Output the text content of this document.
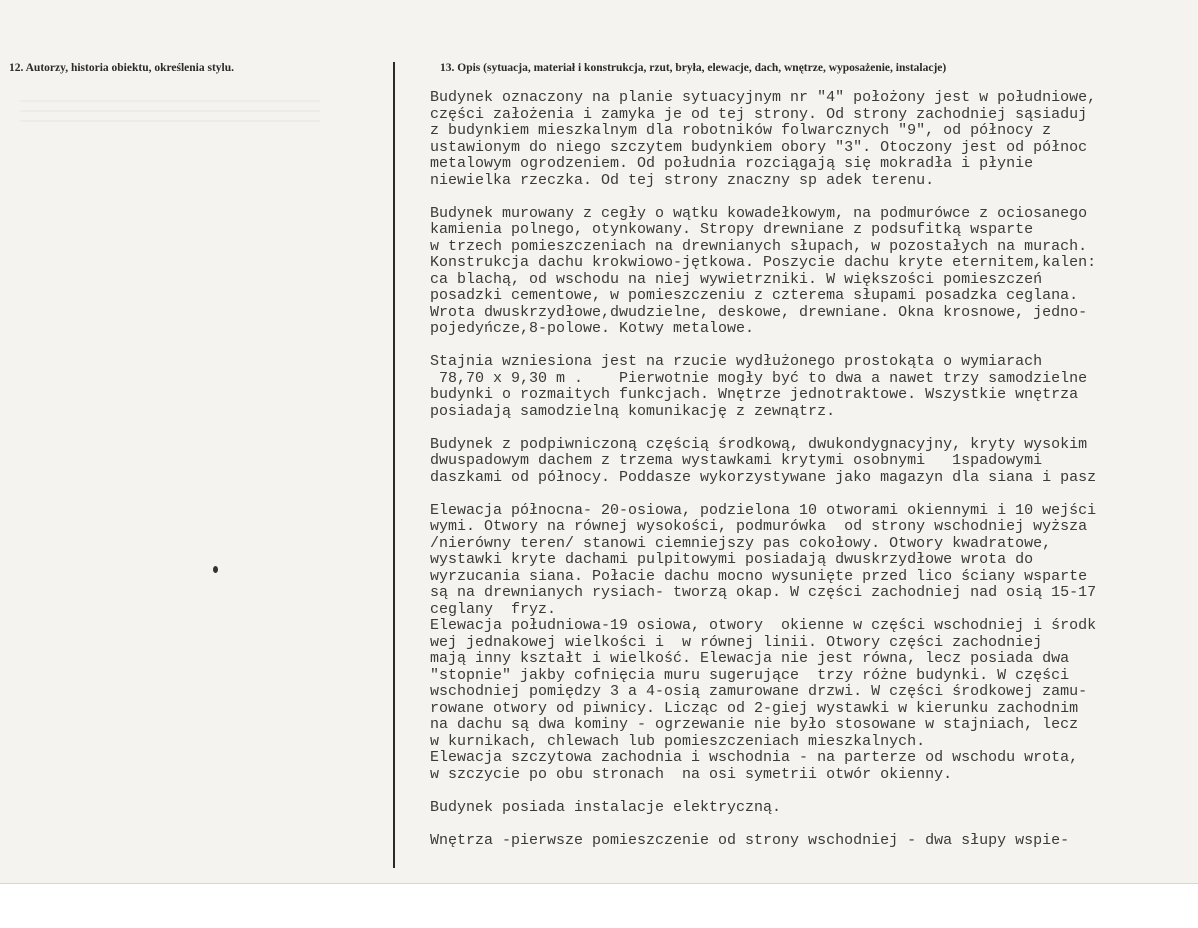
12. Autorzy, historia obiektu, określenia stylu.	13. Opis (sytuacja, materiał i konstrukcja, rzut, bryła, elewacje, dach, wnętrze, wyposażenie, instalacje)
Budynek oznaczony na planie sytuacyjnym nr "4" położony jest w południowe,
części założenia i zamyka je od tej strony. Od strony zachodniej sąsiaduj
z budynkiem mieszkalnym dla robotników folwarcznych "9", od północy z
ustawionym do niego szczytem budynkiem obory "3". Otoczony jest od północ
metalowym ogrodzeniem. Od południa rozciągają się mokradła i płynie
niewielka rzeczka. Od tej strony znaczny sp adek terenu.
Budynek murowany z cegły o wątku kowadełkowym, na podmurówce z ociosanego
kamienia polnego, otynkowany. Stropy drewniane z podsufitką wsparte
w trzech pomieszczeniach na drewnianych słupach, w pozostałych na murach.
Konstrukcja dachu krokwiowo-jętkowa. Poszycie dachu kryte eternitem,kalen:
ca blachą, od wschodu na niej wywietrzniki. W większości pomieszczeń
posadzki cementowe, w pomieszczeniu z czterema słupami posadzka ceglana.
Wrota dwuskrzydłowe,dwudzielne, deskowe, drewniane. Okna krosnowe, jedno-
pojedyńcze,8-polowe. Kotwy metalowe.
Stajnia wzniesiona jest na rzucie wydłużonego prostokąta o wymiarach
78,70 x 9,30 m .    Pierwotnie mogły być to dwa a nawet trzy samodzielne
budynki o rozmaitych funkcjach. Wnętrze jednotraktowe. Wszystkie wnętrza
posiadają samodzielną komunikację z zewnątrz.
Budynek z podpiwniczoną częścią środkową, dwukondygnacyjny, kryty wysokim
dwuspadowym dachem z trzema wystawkami krytymi osobnymi   1spadowymi
daszkami od północy. Poddasze wykorzystywane jako magazyn dla siana i pasz
Elewacja północna- 20-osiowa, podzielona 10 otworami okiennymi i 10 wejści
wymi. Otwory na równej wysokości, podmurówka  od strony wschodniej wyższa
/nierówny teren/ stanowi ciemniejszy pas cokołowy. Otwory kwadratowe,
wystawki kryte dachami pulpitowymi posiadają dwuskrzydłowe wrota do
wyrzucania siana. Połacie dachu mocno wysunięte przed lico ściany wsparte
są na drewnianych rysiach- tworzą okap. W części zachodniej nad osią 15-17
ceglany  fryz.
Elewacja południowa-19 osiowa, otwory  okienne w części wschodniej i środk
wej jednakowej wielkości i  w równej linii. Otwory części zachodniej
mają inny kształt i wielkość. Elewacja nie jest równa, lecz posiada dwa
"stopnie" jakby cofnięcia muru sugerujące  trzy różne budynki. W części
wschodniej pomiędzy 3 a 4-osią zamurowane drzwi. W części środkowej zamu-
rowane otwory od piwnicy. Licząc od 2-giej wystawki w kierunku zachodnim
na dachu są dwa kominy - ogrzewanie nie było stosowane w stajniach, lecz
w kurnikach, chlewach lub pomieszczeniach mieszkalnych.
Elewacja szczytowa zachodnia i wschodnia - na parterze od wschodu wrota,
w szczycie po obu stronach  na osi symetrii otwór okienny.
Budynek posiada instalacje elektryczną.
Wnętrza -pierwsze pomieszczenie od strony wschodniej - dwa słupy wspie-
